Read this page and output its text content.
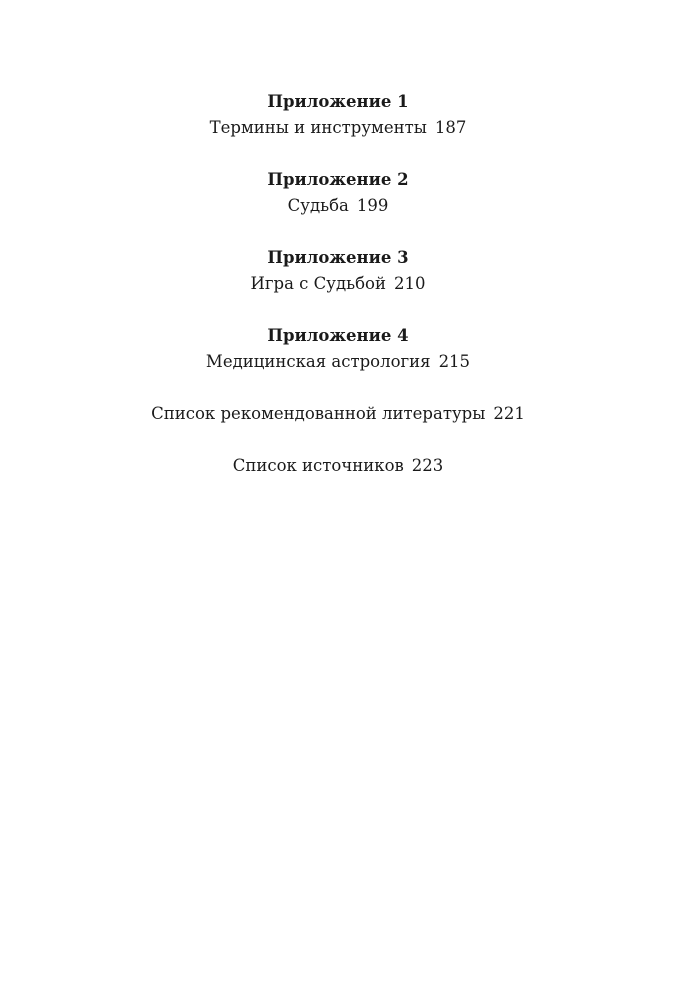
Приложение 1
Термины и инструменты 187
Приложение 2
Судьба 199
Приложение 3
Игра с Судьбой 210
Приложение 4
Медицинская астрология 215
Список рекомендованной литературы 221
Список источников 223
